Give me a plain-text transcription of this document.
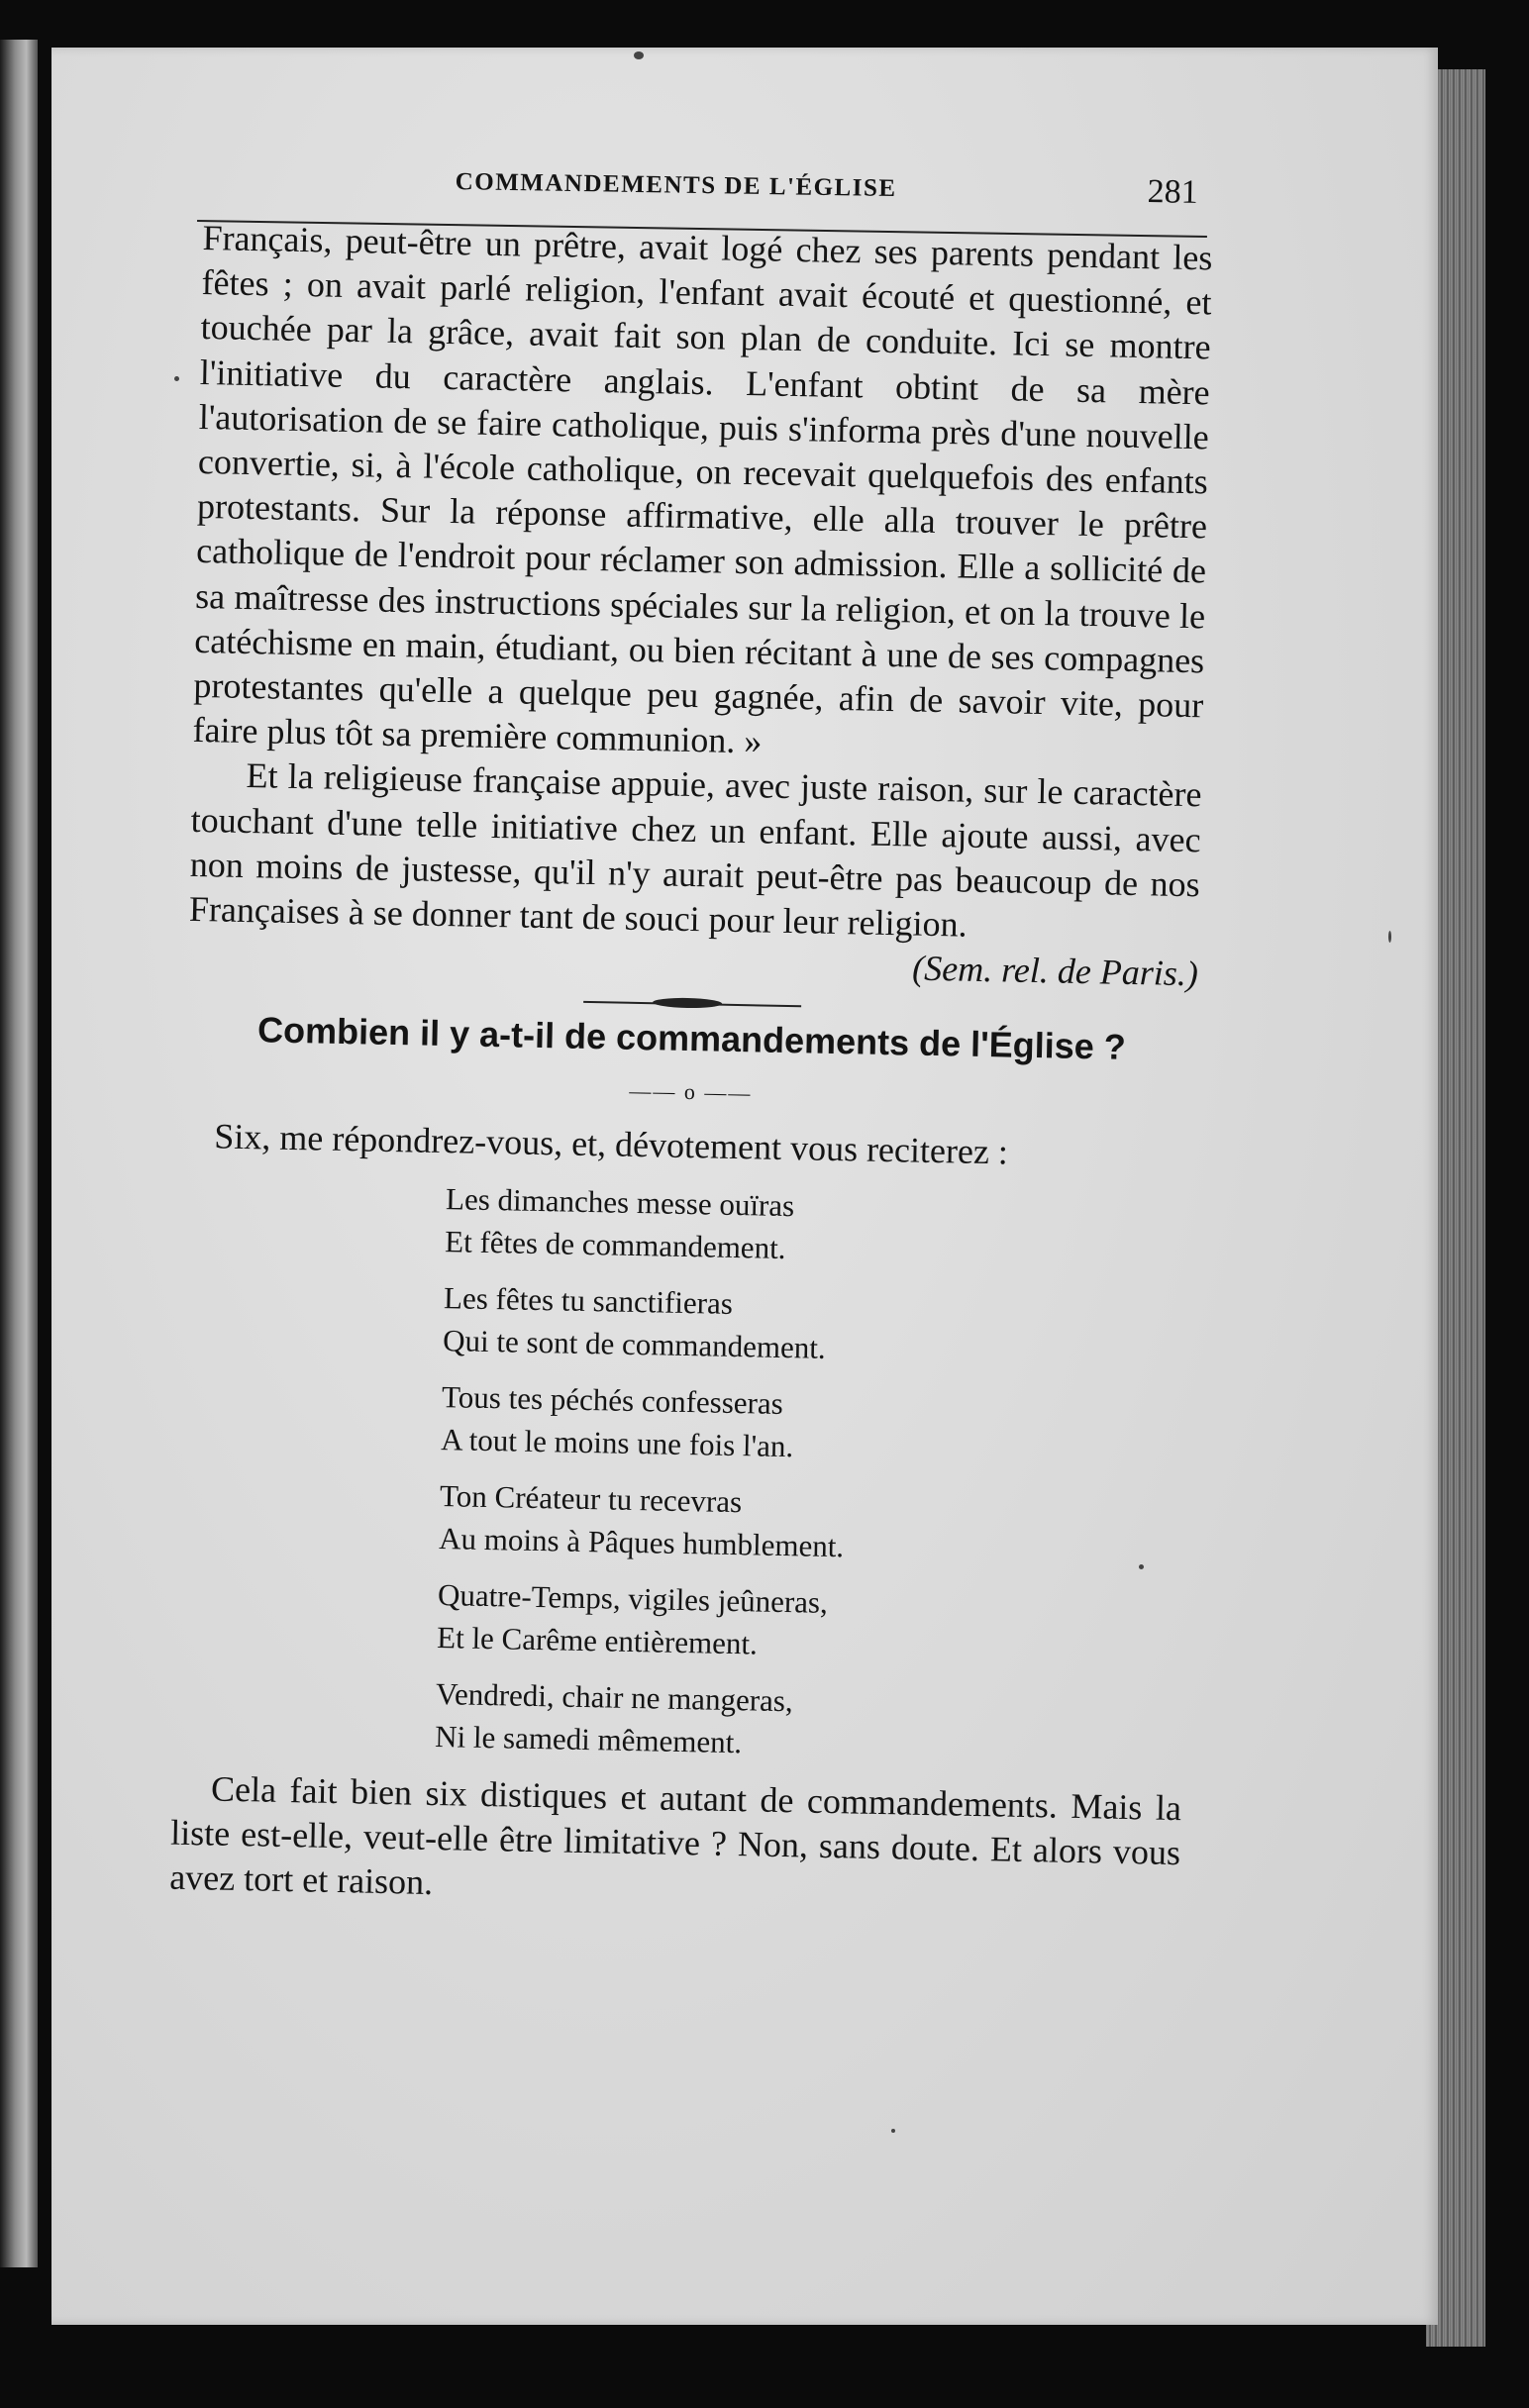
COMMANDEMENTS DE L'ÉGLISE	281

Français, peut-être un prêtre, avait logé chez ses parents pendant les fêtes ; on avait parlé religion, l'enfant avait écouté et questionné, et touchée par la grâce, avait fait son plan de conduite. Ici se montre l'initiative du caractère anglais. L'enfant obtint de sa mère l'autorisation de se faire catholique, puis s'informa près d'une nouvelle convertie, si, à l'école catholique, on recevait quelquefois des enfants protestants. Sur la réponse affirmative, elle alla trouver le prêtre catholique de l'endroit pour réclamer son admission. Elle a sollicité de sa maîtresse des instructions spéciales sur la religion, et on la trouve le catéchisme en main, étudiant, ou bien récitant à une de ses compagnes protestantes qu'elle a quelque peu gagnée, afin de savoir vite, pour faire plus tôt sa première communion. »

Et la religieuse française appuie, avec juste raison, sur le caractère touchant d'une telle initiative chez un enfant. Elle ajoute aussi, avec non moins de justesse, qu'il n'y aurait peut-être pas beaucoup de nos Françaises à se donner tant de souci pour leur religion.
(Sem. rel. de Paris.)

Combien il y a-t-il de commandements de l'Église ?
—— o ——

Six, me répondrez-vous, et, dévotement vous reciterez :

Les dimanches messe ouïras
Et fêtes de commandement.
Les fêtes tu sanctifieras
Qui te sont de commandement.
Tous tes péchés confesseras
A tout le moins une fois l'an.
Ton Créateur tu recevras
Au moins à Pâques humblement.
Quatre-Temps, vigiles jeûneras,
Et le Carême entièrement.
Vendredi, chair ne mangeras,
Ni le samedi mêmement.

Cela fait bien six distiques et autant de commandements. Mais la liste est-elle, veut-elle être limitative ? Non, sans doute. Et alors vous avez tort et raison.
